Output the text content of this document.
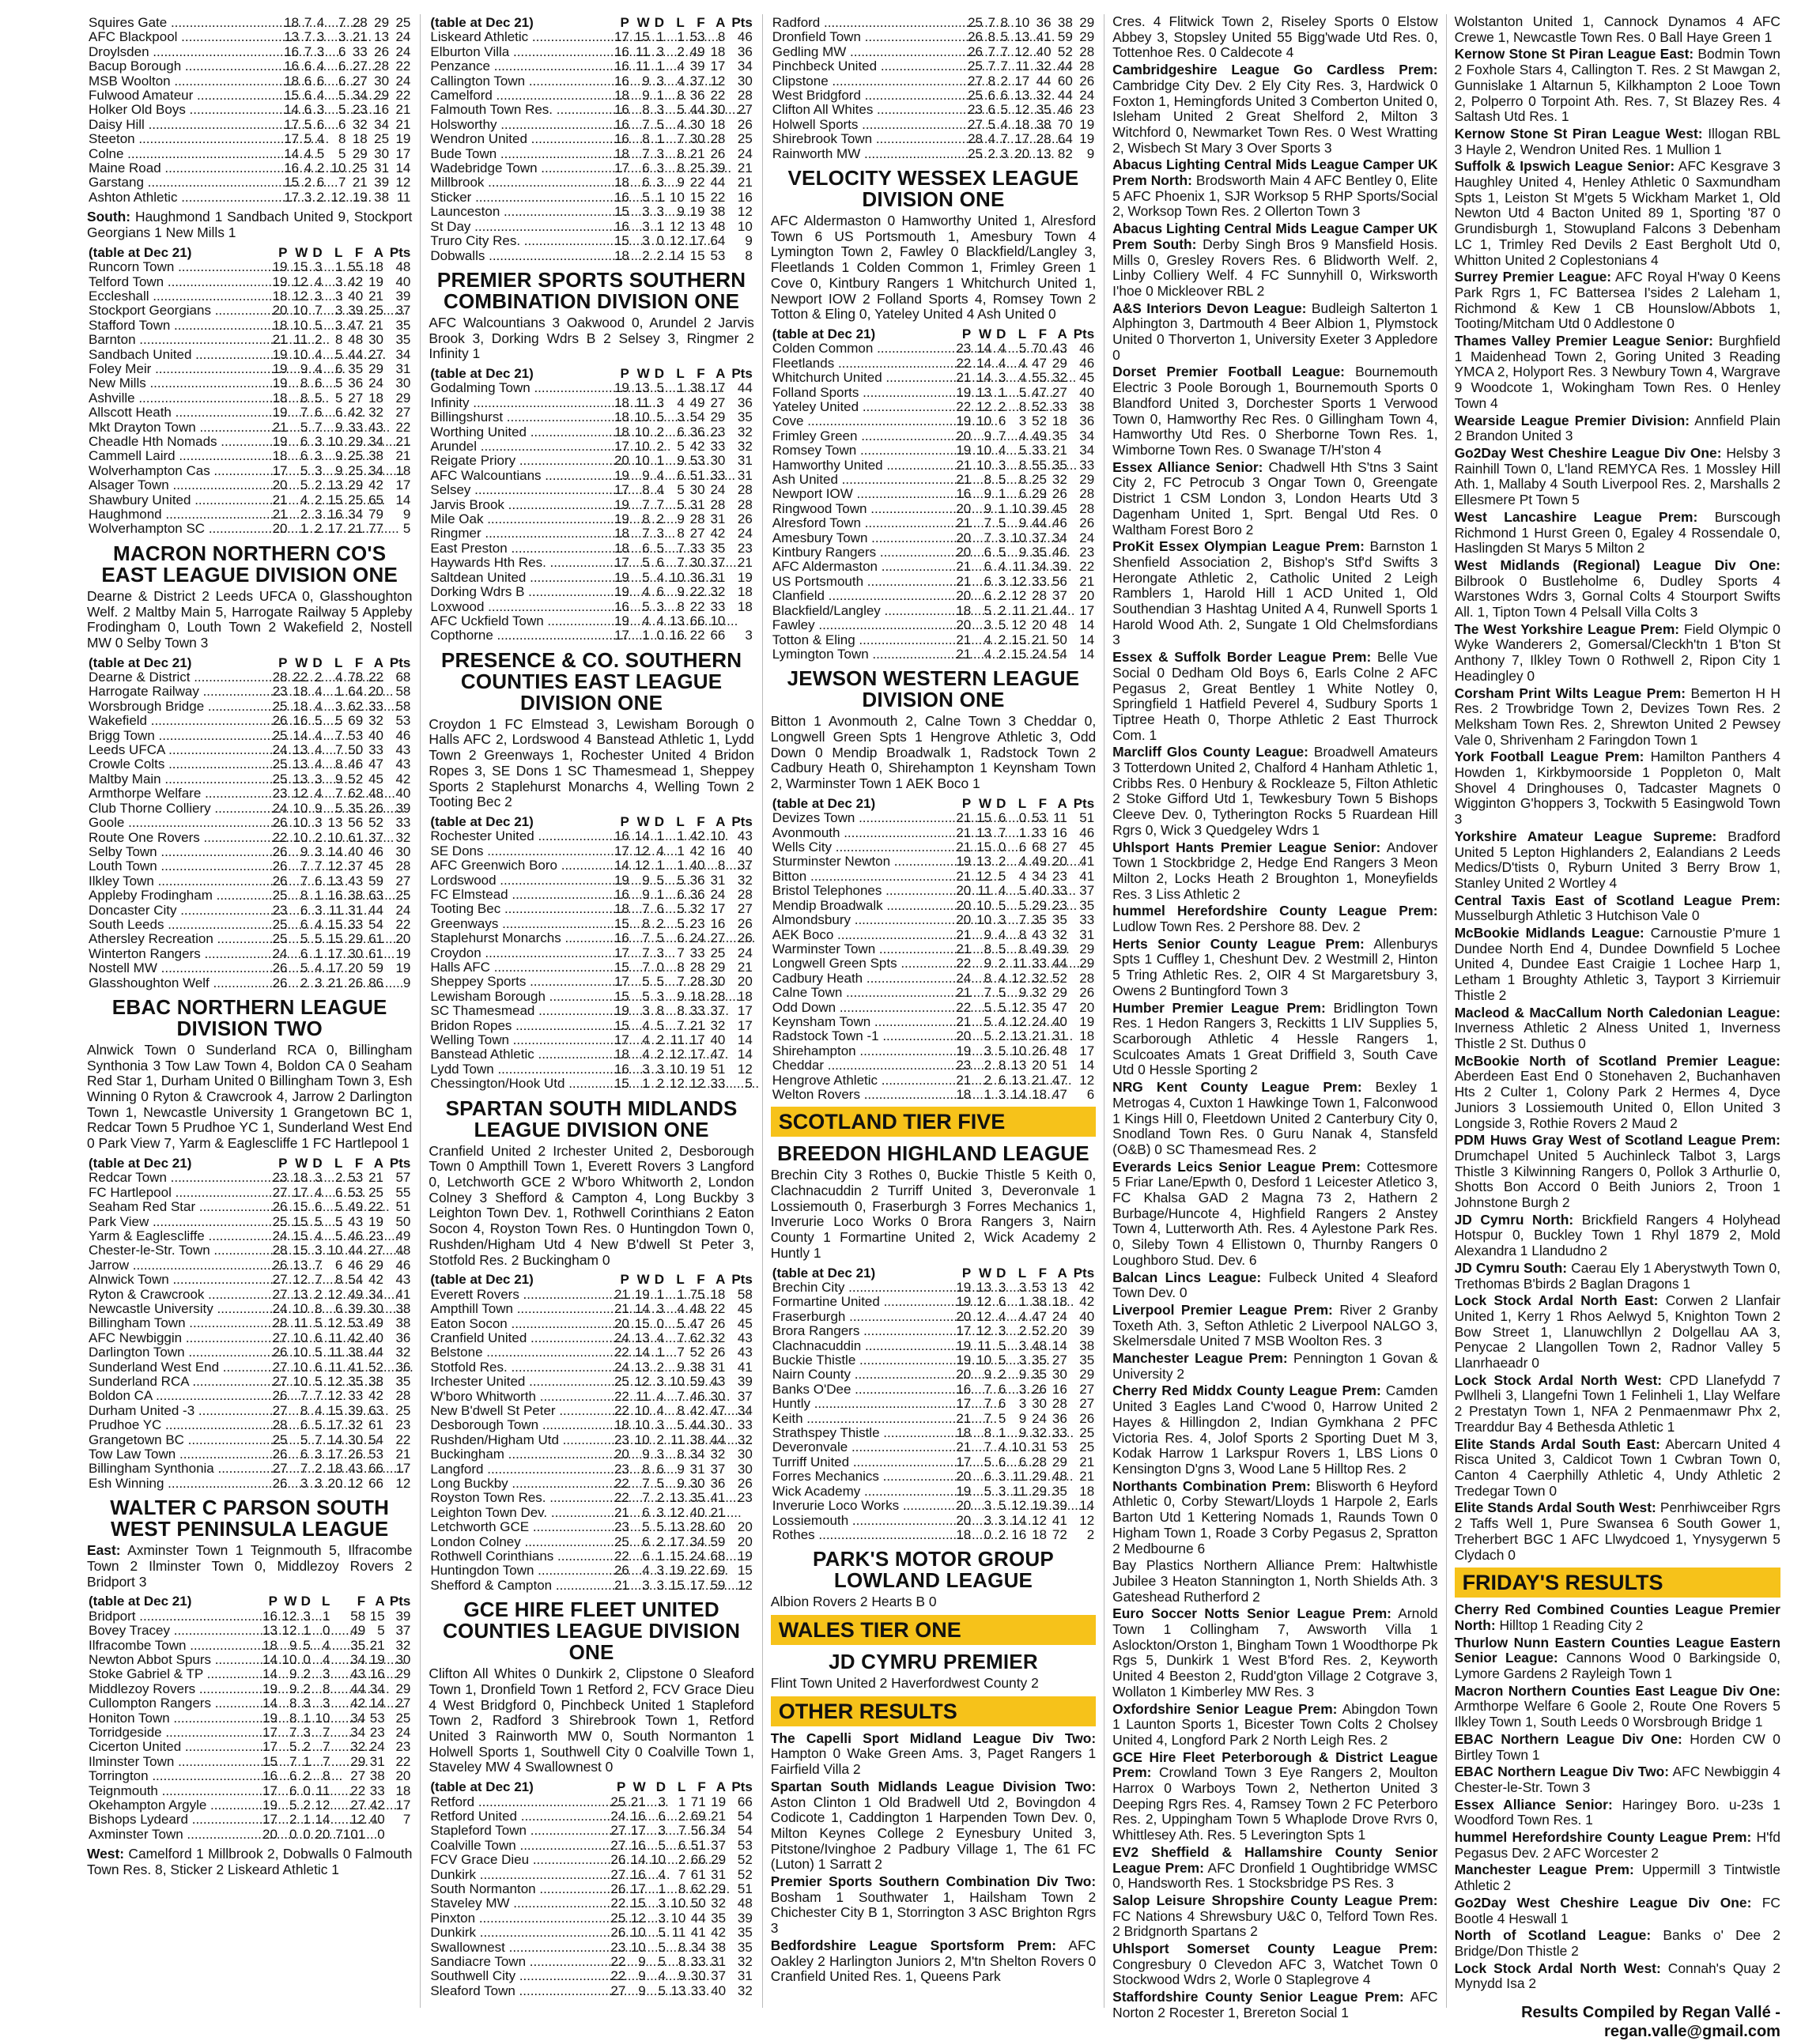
Squires Gate .....	18	7	4	7	28	29	25

AFC Blackpool .....	13	7	3	3	21	13	24

Droylsden .....	16	7	3	6	33	26	24

Bacup Borough .....	16	6	4	6	27	28	22

MSB Woolton .....	18	6	6	6	27	30	24

Fulwood Amateur .....	15	6	4	5	34	29	22

Holker Old Boys .....	14	6	3	5	23	16	21

Daisy Hill .....	17	5	6	6	32	34	21

Steeton .....	17	5	4	8	18	25	19

Colne .....	14	4	5	5	29	30	17

Maine Road .....	16	4	2	10	25	31	14

Garstang .....	15	2	6	7	21	39	12

Ashton Athletic .....	17	3	2	12	19	38	11
South: Haughmond 1 Sandbach United 9, Stockport Georgians 1 New Mills 1
(table at Dec 21)	P	W	D	L	F	A	Pts

Runcorn Town .....	19	15	3	1	55	18	48

Telford Town .....	19	12	4	3	42	19	40

Eccleshall .....	18	12	3	3	40	21	39

Stockport Georgians .....	20	10	7	3	39	25	37

Stafford Town .....	18	10	5	3	47	21	35

Barnton .....	21	11	2	8	48	30	35

Sandbach United .....	19	10	4	5	44	27	34

Foley Meir .....	19	9	4	6	35	29	31

New Mills .....	19	8	6	5	36	24	30

Ashville .....	18	8	5	5	27	18	29

Allscott Heath .....	19	7	6	6	42	32	27

Mkt Drayton Town .....	21	5	7	9	33	43	22

Cheadle Hth Nomads .....	19	6	3	10	29	34	21

Cammell Laird .....	18	6	3	9	25	38	21

Wolverhampton Cas .....	17	5	3	9	25	34	18

Alsager Town .....	20	5	2	13	29	42	17

Shawbury United .....	21	4	2	15	25	65	14

Haughmond .....	21	2	3	16	34	79	9

Wolverhampton SC .....	20	1	2	17	21	77	5
MACRON NORTHERN CO'S EAST LEAGUE DIVISION ONE
Dearne & District 2 Leeds UFCA 0, Glasshoughton Welf. 2 Maltby Main 5, Harrogate Railway 5 Appleby Frodingham 0, Louth Town 2 Wakefield 2, Nostell MW 0 Selby Town 3
(table at Dec 21)	P	W	D	L	F	A	Pts

Dearne & District .....	28	22	2	4	78	22	68

Harrogate Railway .....	23	18	4	1	64	20	58

Worsbrough Bridge .....	25	18	4	3	62	33	58

Wakefield .....	26	16	5	5	69	32	53

Brigg Town .....	25	14	4	7	53	40	46

Leeds UFCA .....	24	13	4	7	50	33	43

Crowle Colts .....	25	13	4	8	46	47	43

Maltby Main .....	25	13	3	9	52	45	42

Armthorpe Welfare .....	23	12	4	7	62	48	40

Club Thorne Colliery .....	24	10	9	5	35	26	39

Goole .....	26	10	3	13	56	52	33

Route One Rovers .....	22	10	2	10	61	37	32

Selby Town .....	26	9	3	14	40	46	30

Louth Town .....	26	7	7	12	37	45	28

Ilkley Town .....	26	7	6	13	43	59	27

Appleby Frodingham .....	25	8	1	16	38	63	25

Doncaster City .....	23	6	3	11	31	44	24

South Leeds .....	25	6	4	15	33	54	22

Athersley Recreation .....	25	5	5	15	29	61	20

Winterton Rangers .....	24	6	1	17	30	61	19

Nostell MW .....	26	5	4	17	20	59	19

Glasshoughton Welf .....	26	2	3	21	26	86	9
EBAC NORTHERN LEAGUE DIVISION TWO
Alnwick Town 0 Sunderland RCA 0, Billingham Synthonia 3 Tow Law Town 4, Boldon CA 0 Seaham Red Star 1, Durham United 0 Billingham Town 3, Esh Winning 0 Ryton & Crawcrook 4, Jarrow 2 Darlington Town 1, Newcastle University 1 Grangetown BC 1, Redcar Town 5 Prudhoe YC 1, Sunderland West End 0 Park View 7, Yarm & Eaglescliffe 1 FC Hartlepool 1
(table at Dec 21)	P	W	D	L	F	A	Pts

Redcar Town .....	23	18	3	2	53	21	57

FC Hartlepool .....	27	17	4	6	53	25	55

Seaham Red Star .....	26	15	6	5	49	22	51

Park View .....	25	15	5	5	43	19	50

Yarm & Eaglescliffe .....	24	15	4	5	46	23	49

Chester-le-Str. Town .....	28	15	3	10	44	27	48

Jarrow .....	26	13	7	6	46	29	46

Alnwick Town .....	27	12	7	8	54	42	43

Ryton & Crawcrook .....	27	13	2	12	49	34	41

Newcastle University .....	24	10	8	6	39	30	38

Billingham Town .....	28	11	5	12	53	49	38

AFC Newbiggin .....	27	10	6	11	42	40	36

Darlington Town .....	26	10	5	11	38	44	32

Sunderland West End .....	27	10	6	11	41	52	36

Sunderland RCA .....	27	10	5	12	35	38	35

Boldon CA .....	26	7	7	12	33	42	28

Durham United -3 .....	27	8	4	15	39	63	25

Prudhoe YC .....	28	6	5	17	32	61	23

Grangetown BC .....	25	5	7	14	30	54	22

Tow Law Town .....	26	6	3	17	26	53	21

Billingham Synthonia .....	27	7	2	18	43	66	17

Esh Winning .....	26	3	3	20	12	66	12
WALTER C PARSON SOUTH WEST PENINSULA LEAGUE
East: Axminster Town 1 Teignmouth 5, Ilfracombe Town 2 Ilminster Town 0, Middlezoy Rovers 2 Bridport 3
(table at Dec 21)	P	W	D	L	F	A	Pts

Bridport .....	16	12	3	1	58	15	39

Bovey Tracey .....	13	12	1	0	49	5	37

Ilfracombe Town .....	18	9	5	4	35	21	32

Newton Abbot Spurs .....	14	10	0	4	34	19	30

Stoke Gabriel & TP .....	14	9	2	3	43	16	29

Middlezoy Rovers .....	19	9	2	8	44	34	29

Cullompton Rangers .....	14	8	3	3	42	14	27

Honiton Town .....	19	8	1	10	34	53	25

Torridgeside .....	17	7	3	7	34	23	24

Cicerton United .....	17	5	2	7	32	24	23

Ilminster Town .....	15	7	1	7	29	31	22

Torrington .....	16	6	2	8	27	38	20

Teignmouth .....	17	6	0	11	22	33	18

Okehampton Argyle .....	19	5	2	12	27	42	17

Bishops Lydeard .....	17	2	1	14	12	40	7

Axminster Town .....	20	0	0	20	7101	0	
West: Camelford 1 Millbrook 2, Dobwalls 0 Falmouth Town Res. 8, Sticker 2 Liskeard Athletic 1
(table at Dec 21)	P	W	D	L	F	A	Pts

Liskeard Athletic .....	17	15	1	1	53	8	46

Elburton Villa .....	16	11	3	2	49	18	36

Penzance .....	16	11	1	4	39	17	34

Callington Town .....	16	9	3	4	37	12	30

Camelford .....	18	9	1	8	36	22	28

Falmouth Town Res. .....	16	8	3	5	44	30	27

Holsworthy .....	16	7	5	4	30	18	26

Wendron United .....	16	8	1	7	30	28	25

Bude Town .....	18	7	3	8	21	26	24

Wadebridge Town .....	17	6	3	8	25	39	21

Millbrook .....	18	6	3	9	22	44	21

Sticker .....	16	5	1	10	15	22	16

Launceston .....	15	3	3	9	19	38	12

St Day .....	16	3	1	12	13	48	10

Truro City Res. .....	15	3	0	12	17	64	9

Dobwalls .....	18	2	2	14	15	53	8
PREMIER SPORTS SOUTHERN COMBINATION DIVISION ONE
AFC Walcountians 3 Oakwood 0, Arundel 2 Jarvis Brook 3, Dorking Wdrs B 2 Selsey 3, Ringmer 2 Infinity 1
(table at Dec 21)	P	W	D	L	F	A	Pts

Godalming Town .....	19	13	5	1	38	17	44

Infinity .....	18	11	3	4	49	27	36

Billingshurst .....	18	10	5	3	54	29	35

Worthing United .....	18	10	2	6	36	23	32

Arundel .....	17	10	2	5	42	33	32

Reigate Priory .....	20	10	1	9	53	30	31

AFC Walcountians .....	19	9	4	6	51	33	31

Selsey .....	17	8	4	5	30	24	28

Jarvis Brook .....	19	7	7	5	31	28	28

Mile Oak .....	19	8	2	9	28	31	26

Ringmer .....	18	7	3	8	27	42	24

East Preston .....	18	6	5	7	33	35	23

Haywards Hth Res. .....	17	5	6	7	30	37	21

Saltdean United .....	19	5	4	10	36	31	19

Dorking Wdrs B .....	19	4	6	9	22	32	18

Loxwood .....	16	5	3	8	22	33	18

AFC Uckfield Town .....	19	4	4	13	66	10	

Copthorne .....	17	1	0	16	22	66	3
PRESENCE & CO. SOUTHERN COUNTIES EAST LEAGUE DIVISION ONE
Croydon 1 FC Elmstead 3, Lewisham Borough 0 Halls AFC 2, Lordswood 4 Banstead Athletic 1, Lydd Town 2 Greenways 1, Rochester United 4 Bridon Ropes 3, SE Dons 1 SC Thamesmead 1, Sheppey Sports 2 Staplehurst Monarchs 4, Welling Town 2 Tooting Bec 2
(table at Dec 21)	P	W	D	L	F	A	Pts

Rochester United .....	16	14	1	1	42	10	43

SE Dons .....	17	12	4	1	42	16	40

AFC Greenwich Boro .....	14	12	1	1	40	8	37

Lordswood .....	19	9	5	5	36	31	32

FC Elmstead .....	16	9	1	6	36	24	28

Tooting Bec .....	18	7	6	5	32	17	27

Greenways .....	15	8	2	5	23	16	26

Staplehurst Monarchs .....	16	7	5	6	24	27	26

Croydon .....	17	7	3	7	33	25	24

Halls AFC .....	15	7	0	8	28	29	21

Sheppey Sports .....	17	5	5	7	28	30	20

Lewisham Borough .....	15	5	3	9	18	28	18

SC Thamesmead .....	19	3	8	8	33	37	17

Bridon Ropes .....	15	4	5	7	21	32	17

Welling Town .....	17	4	2	11	17	40	14

Banstead Athletic .....	18	4	2	12	17	47	14

Lydd Town .....	16	3	3	10	19	51	12

Chessington/Hook Utd .....	15	1	2	12	12	33	5
SPARTAN SOUTH MIDLANDS LEAGUE DIVISION ONE
Cranfield United 2 Irchester United 2, Desborough Town 0 Ampthill Town 1, Everett Rovers 3 Langford 0, Letchworth GCE 2 W'boro Whitworth 2, London Colney 3 Shefford & Campton 4, Long Buckby 3 Leighton Town Dev. 1, Rothwell Corinthians 2 Eaton Socon 4, Royston Town Res. 0 Huntingdon Town 0, Rushden/Higham Utd 4 New B'dwell St Peter 3, Stotfold Res. 2 Buckingham 0
(table at Dec 21)	P	W	D	L	F	A	Pts

Everett Rovers .....	21	19	1	1	75	18	58

Ampthill Town .....	21	14	3	4	48	22	45

Eaton Socon .....	20	15	0	5	47	26	45

Cranfield United .....	24	13	4	7	62	32	43

Belstone .....	22	14	1	7	52	26	43

Stotfold Res. .....	24	13	2	9	38	31	41

Irchester United .....	25	12	3	10	59	43	39

W'boro Whitworth .....	22	11	4	7	46	30	37

New B'dwell St Peter .....	22	10	4	8	42	47	34

Desborough Town .....	18	10	3	5	44	30	33

Rushden/Higham Utd .....	23	10	2	11	38	44	32

Buckingham .....	20	9	3	8	34	32	30

Langford .....	23	8	6	9	31	37	30

Long Buckby .....	22	7	5	9	30	36	26

Royston Town Res. .....	22	7	2	13	35	41	23

Leighton Town Dev. .....	21	6	3	12	40	21	

Letchworth GCE .....	23	5	5	13	28	60	20

London Colney .....	25	6	2	17	34	59	20

Rothwell Corinthians .....	22	6	1	15	24	68	19

Huntingdon Town .....	26	4	3	19	22	69	15

Shefford & Campton .....	21	3	3	15	17	59	12
GCE HIRE FLEET UNITED COUNTIES LEAGUE DIVISION ONE
Clifton All Whites 0 Dunkirk 2, Clipstone 0 Sleaford Town 1, Dronfield Town 1 Retford 2, FCV Grace Dieu 4 West Bridgford 0, Pinchbeck United 1 Stapleford Town 2, Radford 3 Shirebrook Town 1, Retford United 3 Rainworth MW 0, South Normanton 1 Holwell Sports 1, Southwell City 0 Coalville Town 1, Staveley MW 4 Swallownest 0
(table at Dec 21)	P	W	D	L	F	A	Pts

Retford .....	25	21	3	1	71	19	66

Retford United .....	24	16	6	2	69	21	54

Stapleford Town .....	27	17	3	7	56	34	54

Coalville Town .....	27	16	5	6	51	37	53

FCV Grace Dieu .....	26	14	10	2	66	29	52

Dunkirk .....	27	16	4	7	61	31	52

South Normanton .....	26	17	1	8	62	29	51

Staveley MW .....	22	15	3	10	50	32	48

Pinxton .....	25	12	3	10	44	35	39

Dunkirk .....	26	10	5	11	41	42	35

Swallownest .....	23	10	5	8	34	38	35

Sandiacre Town .....	22	9	5	8	33	31	32

Southwell City .....	22	9	4	9	30	37	31

Sleaford Town .....	27	9	5	13	33	40	32
Radford .....	25	7	8	10	36	38	29

Dronfield Town .....	26	8	5	13	41	59	29

Gedling MW .....	26	7	7	12	40	52	28

Pinchbeck United .....	25	7	7	11	32	44	28

Clipstone .....	27	8	2	17	44	60	26

West Bridgford .....	25	6	6	13	32	44	24

Clifton All Whites .....	23	6	5	12	35	46	23

Holwell Sports .....	27	5	4	18	38	70	19

Shirebrook Town .....	28	4	7	17	28	64	19

Rainworth MW .....	25	2	3	20	13	82	9
VELOCITY WESSEX LEAGUE DIVISION ONE
AFC Aldermaston 0 Hamworthy United 1, Alresford Town 6 US Portsmouth 1, Amesbury Town 4 Lymington Town 2, Fawley 0 Blackfield/Langley 3, Fleetlands 1 Colden Common 1, Frimley Green 1 Cove 0, Kintbury Rangers 1 Whitchurch United 1, Newport IOW 2 Folland Sports 4, Romsey Town 2 Totton & Eling 0, Yateley United 4 Ash United 0
(table at Dec 21)	P	W	D	L	F	A	Pts

Colden Common .....	23	14	4	5	70	43	46

Fleetlands .....	22	14	4	4	47	29	46

Whitchurch United .....	21	14	3	4	55	32	45

Folland Sports .....	19	13	1	5	47	27	40

Yateley United .....	22	12	2	8	52	33	38

Cove .....	19	10	6	3	52	18	36

Frimley Green .....	20	9	7	4	49	35	34

Romsey Town .....	19	10	4	5	33	21	34

Hamworthy United .....	21	10	3	8	55	35	33

Ash United .....	21	8	5	8	25	32	29

Newport IOW .....	16	9	1	6	29	26	28

Ringwood Town .....	20	9	1	10	39	45	28

Alresford Town .....	21	7	5	9	44	46	26

Amesbury Town .....	20	7	3	10	37	34	24

Kintbury Rangers .....	20	6	5	9	35	46	23

AFC Aldermaston .....	21	6	4	11	34	39	22

US Portsmouth .....	21	6	3	12	33	56	21

Clanfield .....	20	6	2	12	28	37	20

Blackfield/Langley .....	18	5	2	11	21	44	17

Fawley .....	20	3	5	12	20	48	14

Totton & Eling .....	21	4	2	15	21	50	14

Lymington Town .....	21	4	2	15	24	54	14
JEWSON WESTERN LEAGUE DIVISION ONE
Bitton 1 Avonmouth 2, Calne Town 3 Cheddar 0, Longwell Green Spts 1 Hengrove Athletic 3, Odd Down 0 Mendip Broadwalk 1, Radstock Town 2 Cadbury Heath 0, Shirehampton 1 Keynsham Town 2, Warminster Town 1 AEK Boco 1
(table at Dec 21)	P	W	D	L	F	A	Pts

Devizes Town .....	21	15	6	0	53	11	51

Avonmouth .....	21	13	7	1	33	16	46

Wells City .....	21	15	0	6	68	27	45

Sturminster Newton .....	19	13	2	4	49	20	41

Bitton .....	21	12	5	4	34	23	41

Bristol Telephones .....	20	11	4	5	40	33	37

Mendip Broadwalk .....	20	10	5	5	29	23	35

Almondsbury .....	20	10	3	7	35	35	33

AEK Boco .....	21	9	4	8	43	32	31

Warminster Town .....	21	8	5	8	49	39	29

Longwell Green Spts .....	22	9	2	11	33	44	29

Cadbury Heath .....	24	8	4	12	32	52	28

Calne Town .....	21	7	5	9	32	29	26

Odd Down .....	22	5	5	12	35	47	20

Keynsham Town .....	21	5	4	12	24	40	19

Radstock Town -1 .....	20	5	2	13	21	31	18

Shirehampton .....	19	3	5	10	26	48	17

Cheddar .....	23	2	8	13	20	51	14

Hengrove Athletic .....	21	2	6	13	21	47	12

Welton Rovers .....	18	1	3	14	18	47	6
SCOTLAND TIER FIVE
BREEDON HIGHLAND LEAGUE
Brechin City 3 Rothes 0, Buckie Thistle 5 Keith 0, Clachnacuddin 2 Turriff United 3, Deveronvale 1 Lossiemouth 0, Fraserburgh 3 Forres Mechanics 1, Inverurie Loco Works 0 Brora Rangers 3, Nairn County 1 Formartine United 2, Wick Academy 2 Huntly 1
(table at Dec 21)	P	W	D	L	F	A	Pts

Brechin City .....	19	13	3	3	53	13	42

Formartine United .....	19	12	6	1	38	18	42

Fraserburgh .....	20	12	4	4	47	24	40

Brora Rangers .....	17	12	3	2	52	20	39

Clachnacuddin .....	19	11	5	3	48	14	38

Buckie Thistle .....	19	10	5	3	35	27	35

Nairn County .....	20	9	2	9	35	30	29

Banks O'Dee .....	16	7	6	3	26	16	27

Huntly .....	17	7	6	3	30	28	27

Keith .....	21	7	5	9	24	36	26

Strathspey Thistle .....	18	8	1	9	32	33	25

Deveronvale .....	21	7	4	10	31	53	25

Turriff United .....	17	5	6	6	28	29	21

Forres Mechanics .....	20	6	3	11	29	48	21

Wick Academy .....	19	5	3	11	29	35	18

Inverurie Loco Works .....	20	3	5	12	19	39	14

Lossiemouth .....	20	3	3	14	12	41	12

Rothes .....	18	0	2	16	18	72	2
PARK'S MOTOR GROUP LOWLAND LEAGUE
Albion Rovers 2 Hearts B 0
WALES TIER ONE
JD CYMRU PREMIER
Flint Town United 2 Haverfordwest County 2
OTHER RESULTS
The Capelli Sport Midland League Div Two: Hampton 0 Wake Green Ams. 3, Paget Rangers 1 Fairfield Villa 2
Spartan South Midlands League Division Two: Aston Clinton 1 Old Bradwell Utd 2, Bovingdon 4 Codicote 1, Caddington 1 Harpenden Town Dev. 0, Milton Keynes College 2 Eynesbury United 3, Pitstone/Ivinghoe 2 Padbury Village 1, The 61 FC (Luton) 1 Sarratt 2
Premier Sports Southern Combination Div Two: Bosham 1 Southwater 1, Hailsham Town 2 Chichester City B 1, Storrington 3 ASC Brighton Rgrs 3
Bedfordshire League Sportsform Prem: AFC Oakley 2 Harlington Juniors 2, M'tn Shelton Rovers 0 Cranfield United Res. 1, Queens Park
Cres. 4 Flitwick Town 2, Riseley Sports 0 Elstow Abbey 3, Stopsley United 55 Bigg'wade Utd Res. 0, Tottenhoe Res. 0 Caldecote 4
Cambridgeshire League Go Cardless Prem: Cambridge City Dev. 2 Ely City Res. 3, Hardwick 0 Foxton 1, Hemingfords United 3 Comberton United 0, Isleham United 2 Great Shelford 2, Milton 3 Witchford 0, Newmarket Town Res. 0 West Wratting 2, Wisbech St Mary 3 Over Sports 3
Abacus Lighting Central Mids League Camper UK Prem North: Brodsworth Main 4 AFC Bentley 0, Elite 5 AFC Phoenix 1, SJR Worksop 5 RHP Sports/Social 2, Worksop Town Res. 2 Ollerton Town 3
Abacus Lighting Central Mids League Camper UK Prem South: Derby Singh Bros 9 Mansfield Hosis. Mills 0, Gresley Rovers Res. 6 Blidworth Welf. 2, Linby Colliery Welf. 4 FC Sunnyhill 0, Wirksworth I'hoe 0 Mickleover RBL 2
A&S Interiors Devon League: Budleigh Salterton 1 Alphington 3, Dartmouth 4 Beer Albion 1, Plymstock United 0 Thorverton 1, University Exeter 3 Appledore 0
Dorset Premier Football League: Bournemouth Electric 3 Poole Borough 1, Bournemouth Sports 0 Blandford United 3, Dorchester Sports 1 Verwood Town 0, Hamworthy Rec Res. 0 Gillingham Town 4, Hamworthy Utd Res. 0 Sherborne Town Res. 1, Wimborne Town Res. 0 Swanage T/H'ston 4
Essex Alliance Senior: Chadwell Hth S'tns 3 Saint City 2, FC Petrocub 3 Ongar Town 0, Greengate District 1 CSM London 3, London Hearts Utd 3 Dagenham United 1, Sprt. Bengal Utd Res. 0 Waltham Forest Boro 2
ProKit Essex Olympian League Prem: Barnston 1 Shenfield Association 2, Bishop's Stf'd Swifts 3 Herongate Athletic 2, Catholic United 2 Leigh Ramblers 1, Harold Hill 1 ACD United 1, Old Southendian 3 Hashtag United A 4, Runwell Sports 1 Harold Wood Ath. 2, Sungate 1 Old Chelmsfordians 3
Essex & Suffolk Border League Prem: Belle Vue Social 0 Dedham Old Boys 6, Earls Colne 2 AFC Pegasus 2, Great Bentley 1 White Notley 0, Springfield 1 Hatfield Peverel 4, Sudbury Sports 1 Tiptree Heath 0, Thorpe Athletic 2 East Thurrock Com. 1
Marcliff Glos County League: Broadwell Amateurs 3 Totterdown United 2, Chalford 4 Hanham Athletic 1, Cribbs Res. 0 Henbury & Rockleaze 5, Filton Athletic 2 Stoke Gifford Utd 1, Tewkesbury Town 5 Bishops Cleeve Dev. 0, Tytherington Rocks 5 Ruardean Hill Rgrs 0, Wick 3 Quedgeley Wdrs 1
Uhlsport Hants Premier League Senior: Andover Town 1 Stockbridge 2, Hedge End Rangers 3 Meon Milton 2, Locks Heath 2 Broughton 1, Moneyfields Res. 3 Liss Athletic 2
hummel Herefordshire County League Prem: Ludlow Town Res. 2 Pershore 88. Dev. 2
Herts Senior County League Prem: Allenburys Spts 1 Cuffley 1, Cheshunt Dev. 2 Westmill 2, Hinton 5 Tring Athletic Res. 2, OIR 4 St Margaretsbury 3, Owens 2 Buntingford Town 3
Humber Premier League Prem: Bridlington Town Res. 1 Hedon Rangers 3, Reckitts 1 LIV Supplies 5, Scarborough Athletic 4 Hessle Rangers 1, Sculcoates Amats 1 Great Driffield 3, South Cave Utd 0 Hessle Sporting 2
NRG Kent County League Prem: Bexley 1 Metrogas 4, Cuxton 1 Hawkinge Town 1, Falconwood 1 Kings Hill 0, Fleetdown United 2 Canterbury City 0, Snodland Town Res. 0 Guru Nanak 4, Stansfeld (O&B) 0 SC Thamesmead Res. 2
Everards Leics Senior League Prem: Cottesmore 5 Friar Lane/Epwth 0, Desford 1 Leicester Atletico 3, FC Khalsa GAD 2 Magna 73 2, Hathern 2 Burbage/Huncote 4, Highfield Rangers 2 Anstey Town 4, Lutterworth Ath. Res. 4 Aylestone Park Res. 0, Sileby Town 4 Ellistown 0, Thurnby Rangers 0 Loughboro Stud. Dev. 6
Balcan Lincs League: Fulbeck United 4 Sleaford Town Dev. 0
Liverpool Premier League Prem: River 2 Granby Toxeth Ath. 3, Sefton Athletic 2 Liverpool NALGO 3, Skelmersdale United 7 MSB Woolton Res. 3
Manchester League Prem: Pennington 1 Govan & University 2
Cherry Red Middx County League Prem: Camden United 3 Eagles Land C'wood 0, Harrow United 2 Hayes & Hillingdon 2, Indian Gymkhana 2 PFC Victoria Res. 4, Jolof Sports 2 Sporting Duet M 3, Kodak Harrow 1 Larkspur Rovers 1, LBS Lions 0 Kensington D'gns 3, Wood Lane 5 Hilltop Res. 2
Northants Combination Prem: Blisworth 6 Heyford Athletic 0, Corby Stewart/Lloyds 1 Harpole 2, Earls Barton Utd 1 Kettering Nomads 1, Raunds Town 0 Higham Town 1, Roade 3 Corby Pegasus 2, Spratton 2 Medbourne 6
Bay Plastics Northern Alliance Prem: Haltwhistle Jubilee 3 Heaton Stannington 1, North Shields Ath. 3 Gateshead Rutherford 2
Euro Soccer Notts Senior League Prem: Arnold Town 1 Collingham 7, Awsworth Villa 1 Aslockton/Orston 1, Bingham Town 1 Woodthorpe Pk Rgs 5, Dunkirk 1 West B'ford Res. 2, Keyworth United 4 Beeston 2, Rudd'gton Village 2 Cotgrave 3, Wollaton 1 Kimberley MW Res. 3
Oxfordshire Senior League Prem: Abingdon Town 1 Launton Sports 1, Bicester Town Colts 2 Cholsey United 4, Longford Park 2 North Leigh Res. 2
GCE Hire Fleet Peterborough & District League Prem: Crowland Town 3 Eye Rangers 2, Moulton Harrox 0 Warboys Town 2, Netherton United 3 Deeping Rgrs Res. 4, Ramsey Town 2 FC Peterboro Res. 2, Uppingham Town 5 Whaplode Drove Rvrs 0, Whittlesey Ath. Res. 5 Leverington Spts 1
EV2 Sheffield & Hallamshire County Senior League Prem: AFC Dronfield 1 Oughtibridge WMSC 0, Handsworth Res. 1 Stocksbridge PS Res. 3
Salop Leisure Shropshire County League Prem: FC Nations 4 Shrewsbury U&C 0, Telford Town Res. 2 Bridgnorth Spartans 2
Uhlsport Somerset County League Prem: Congresbury 0 Clevedon AFC 3, Watchet Town 0 Stockwood Wdrs 2, Worle 0 Staplegrove 4
Staffordshire County Senior League Prem: AFC Norton 2 Rocester 1, Brereton Social 1
Wolstanton United 1, Cannock Dynamos 4 AFC Crewe 1, Newcastle Town Res. 0 Ball Haye Green 1
Kernow Stone St Piran League East: Bodmin Town 2 Foxhole Stars 4, Callington T. Res. 2 St Mawgan 2, Gunnislake 1 Altarnun 5, Kilkhampton 2 Looe Town 2, Polperro 0 Torpoint Ath. Res. 7, St Blazey Res. 4 Saltash Utd Res. 1
Kernow Stone St Piran League West: Illogan RBL 3 Hayle 2, Wendron United Res. 1 Mullion 1
Suffolk & Ipswich League Senior: AFC Kesgrave 3 Haughley United 4, Henley Athletic 0 Saxmundham Spts 1, Leiston St M'gets 5 Wickham Market 1, Old Newton Utd 4 Bacton United 89 1, Sporting '87 0 Grundisburgh 1, Stowupland Falcons 3 Debenham LC 1, Trimley Red Devils 2 East Bergholt Utd 0, Whitton United 2 Coplestonians 4
Surrey Premier League: AFC Royal H'way 0 Keens Park Rgrs 1, FC Battersea I'sides 2 Laleham 1, Richmond & Kew 1 CB Hounslow/Abbots 1, Tooting/Mitcham Utd 0 Addlestone 0
Thames Valley Premier League Senior: Burghfield 1 Maidenhead Town 2, Goring United 3 Reading YMCA 2, Holyport Res. 3 Newbury Town 4, Wargrave 9 Woodcote 1, Wokingham Town Res. 0 Henley Town 4
Wearside League Premier Division: Annfield Plain 2 Brandon United 3
Go2Day West Cheshire League Div One: Helsby 3 Rainhill Town 0, L'land REMYCA Res. 1 Mossley Hill Ath. 1, Mallaby 4 South Liverpool Res. 2, Marshalls 2 Ellesmere Pt Town 5
West Lancashire League Prem: Burscough Richmond 1 Hurst Green 0, Egaley 4 Rossendale 0, Haslingden St Marys 5 Milton 2
West Midlands (Regional) League Div One: Bilbrook 0 Bustleholme 6, Dudley Sports 4 Warstones Wdrs 3, Gornal Colts 4 Stourport Swifts All. 1, Tipton Town 4 Pelsall Villa Colts 3
The West Yorkshire League Prem: Field Olympic 0 Wyke Wanderers 2, Gomersal/Cleckh'tn 1 B'ton St Anthony 7, Ilkley Town 0 Rothwell 2, Ripon City 1 Headingley 0
Corsham Print Wilts League Prem: Bemerton H H Res. 2 Trowbridge Town 2, Devizes Town Res. 2 Melksham Town Res. 2, Shrewton United 2 Pewsey Vale 0, Shrivenham 2 Faringdon Town 1
York Football League Prem: Hamilton Panthers 4 Howden 1, Kirkbymoorside 1 Poppleton 0, Malt Shovel 4 Dringhouses 0, Tadcaster Magnets 0 Wigginton G'hoppers 3, Tockwith 5 Easingwold Town 3
Yorkshire Amateur League Supreme: Bradford United 5 Lepton Highlanders 2, Ealandians 2 Leeds Medics/D'tists 0, Ryburn United 3 Berry Brow 1, Stanley United 2 Wortley 4
Central Taxis East of Scotland League Prem: Musselburgh Athletic 3 Hutchison Vale 0
McBookie Midlands League: Carnoustie P'mure 1 Dundee North End 4, Dundee Downfield 5 Lochee United 4, Dundee East Craigie 1 Lochee Harp 1, Letham 1 Broughty Athletic 3, Tayport 3 Kirriemuir Thistle 2
Macleod & MacCallum North Caledonian League: Inverness Athletic 2 Alness United 1, Inverness Thistle 2 St. Duthus 0
McBookie North of Scotland Premier League: Aberdeen East End 0 Stonehaven 2, Buchanhaven Hts 2 Culter 1, Colony Park 2 Hermes 4, Dyce Juniors 3 Lossiemouth United 0, Ellon United 3 Longside 3, Rothie Rovers 2 Maud 2
PDM Huws Gray West of Scotland League Prem: Drumchapel United 5 Auchinleck Talbot 3, Largs Thistle 3 Kilwinning Rangers 0, Pollok 3 Arthurlie 0, Shotts Bon Accord 0 Beith Juniors 2, Troon 1 Johnstone Burgh 2
JD Cymru North: Brickfield Rangers 4 Holyhead Hotspur 0, Buckley Town 1 Rhyl 1879 2, Mold Alexandra 1 Llandudno 2
JD Cymru South: Caerau Ely 1 Aberystwyth Town 0, Trethomas B'birds 2 Baglan Dragons 1
Lock Stock Ardal North East: Corwen 2 Llanfair United 1, Kerry 1 Rhos Aelwyd 5, Knighton Town 2 Bow Street 1, Llanuwchllyn 2 Dolgellau AA 3, Penycae 2 Llangollen Town 2, Radnor Valley 5 Llanrhaeadr 0
Lock Stock Ardal North West: CPD Llanefydd 7 Pwllheli 3, Llangefni Town 1 Felinheli 1, Llay Welfare 2 Prestatyn Town 1, NFA 2 Penmaenmawr Phx 2, Trearddur Bay 4 Bethesda Athletic 1
Elite Stands Ardal South East: Abercarn United 4 Risca United 3, Caldicot Town 1 Cwbran Town 0, Canton 4 Caerphilly Athletic 4, Undy Athletic 2 Tredegar Town 0
Elite Stands Ardal South West: Penrhiwceiber Rgrs 2 Taffs Well 1, Pure Swansea 6 South Gower 1, Treherbert BGC 1 AFC Llwydcoed 1, Ynysygerwn 5 Clydach 0
FRIDAY'S RESULTS
Cherry Red Combined Counties League Premier North: Hilltop 1 Reading City 2
Thurlow Nunn Eastern Counties League Eastern Senior League: Cannons Wood 0 Barkingside 0, Lymore Gardens 2 Rayleigh Town 1
Macron Northern Counties East League Div One: Armthorpe Welfare 6 Goole 2, Route One Rovers 5 Ilkley Town 1, South Leeds 0 Worsbrough Bridge 1
EBAC Northern League Div One: Horden CW 0 Birtley Town 1
EBAC Northern League Div Two: AFC Newbiggin 4 Chester-le-Str. Town 3
Essex Alliance Senior: Haringey Boro. u-23s 1 Woodford Town Res. 1
hummel Herefordshire County League Prem: H'fd Pegasus Dev. 2 AFC Worcester 2
Manchester League Prem: Uppermill 3 Tintwistle Athletic 2
Go2Day West Cheshire League Div One: FC Bootle 4 Heswall 1
North of Scotland League: Banks o' Dee 2 Bridge/Don Thistle 2
Lock Stock Ardal North West: Connah's Quay 2 Mynydd Isa 2
Results Compiled by Regan Vallé - regan.valle@gmail.com
